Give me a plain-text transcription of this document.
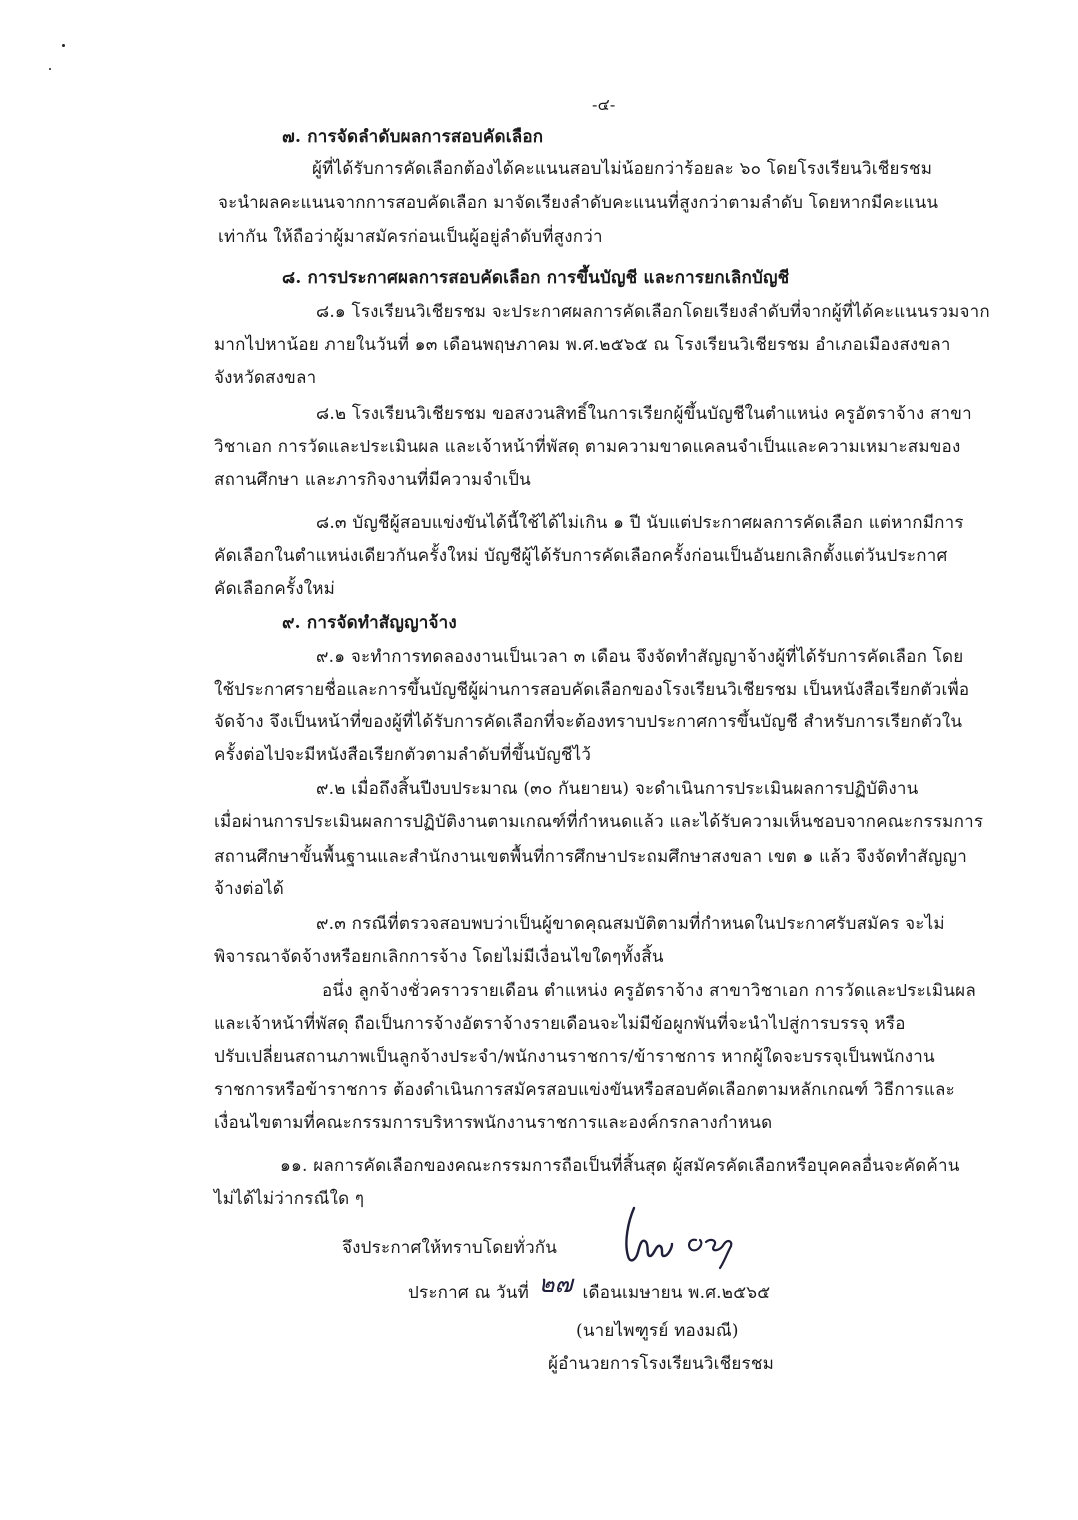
-๔-
๗. การจัดลำดับผลการสอบคัดเลือก
ผู้ที่ได้รับการคัดเลือกต้องได้คะแนนสอบไม่น้อยกว่าร้อยละ ๖๐ โดยโรงเรียนวิเชียรชม
จะนำผลคะแนนจากการสอบคัดเลือก มาจัดเรียงลำดับคะแนนที่สูงกว่าตามลำดับ โดยหากมีคะแนน
เท่ากัน ให้ถือว่าผู้มาสมัครก่อนเป็นผู้อยู่ลำดับที่สูงกว่า
๘. การประกาศผลการสอบคัดเลือก การขึ้นบัญชี และการยกเลิกบัญชี
๘.๑ โรงเรียนวิเชียรชม จะประกาศผลการคัดเลือกโดยเรียงลำดับที่จากผู้ที่ได้คะแนนรวมจาก
มากไปหาน้อย ภายในวันที่ ๑๓ เดือนพฤษภาคม พ.ศ.๒๕๖๕ ณ โรงเรียนวิเชียรชม อำเภอเมืองสงขลา
จังหวัดสงขลา
๘.๒ โรงเรียนวิเชียรชม ขอสงวนสิทธิ์ในการเรียกผู้ขึ้นบัญชีในตำแหน่ง ครูอัตราจ้าง สาขา
วิชาเอก การวัดและประเมินผล และเจ้าหน้าที่พัสดุ ตามความขาดแคลนจำเป็นและความเหมาะสมของ
สถานศึกษา และภารกิจงานที่มีความจำเป็น
๘.๓ บัญชีผู้สอบแข่งขันได้นี้ใช้ได้ไม่เกิน ๑ ปี นับแต่ประกาศผลการคัดเลือก แต่หากมีการ
คัดเลือกในตำแหน่งเดียวกันครั้งใหม่ บัญชีผู้ได้รับการคัดเลือกครั้งก่อนเป็นอันยกเลิกตั้งแต่วันประกาศ
คัดเลือกครั้งใหม่
๙. การจัดทำสัญญาจ้าง
๙.๑ จะทำการทดลองงานเป็นเวลา ๓ เดือน จึงจัดทำสัญญาจ้างผู้ที่ได้รับการคัดเลือก โดย
ใช้ประกาศรายชื่อและการขึ้นบัญชีผู้ผ่านการสอบคัดเลือกของโรงเรียนวิเชียรชม เป็นหนังสือเรียกตัวเพื่อ
จัดจ้าง จึงเป็นหน้าที่ของผู้ที่ได้รับการคัดเลือกที่จะต้องทราบประกาศการขึ้นบัญชี สำหรับการเรียกตัวใน
ครั้งต่อไปจะมีหนังสือเรียกตัวตามลำดับที่ขึ้นบัญชีไว้
๙.๒ เมื่อถึงสิ้นปีงบประมาณ (๓๐ กันยายน) จะดำเนินการประเมินผลการปฏิบัติงาน
เมื่อผ่านการประเมินผลการปฏิบัติงานตามเกณฑ์ที่กำหนดแล้ว และได้รับความเห็นชอบจากคณะกรรมการ
สถานศึกษาขั้นพื้นฐานและสำนักงานเขตพื้นที่การศึกษาประถมศึกษาสงขลา เขต ๑ แล้ว จึงจัดทำสัญญา
จ้างต่อได้
๙.๓ กรณีที่ตรวจสอบพบว่าเป็นผู้ขาดคุณสมบัติตามที่กำหนดในประกาศรับสมัคร จะไม่
พิจารณาจัดจ้างหรือยกเลิกการจ้าง โดยไม่มีเงื่อนไขใดๆทั้งสิ้น
อนึ่ง ลูกจ้างชั่วคราวรายเดือน ตำแหน่ง ครูอัตราจ้าง สาขาวิชาเอก การวัดและประเมินผล
และเจ้าหน้าที่พัสดุ ถือเป็นการจ้างอัตราจ้างรายเดือนจะไม่มีข้อผูกพันที่จะนำไปสู่การบรรจุ หรือ
ปรับเปลี่ยนสถานภาพเป็นลูกจ้างประจำ/พนักงานราชการ/ข้าราชการ หากผู้ใดจะบรรจุเป็นพนักงาน
ราชการหรือข้าราชการ ต้องดำเนินการสมัครสอบแข่งขันหรือสอบคัดเลือกตามหลักเกณฑ์ วิธีการและ
เงื่อนไขตามที่คณะกรรมการบริหารพนักงานราชการและองค์กรกลางกำหนด
๑๑. ผลการคัดเลือกของคณะกรรมการถือเป็นที่สิ้นสุด ผู้สมัครคัดเลือกหรือบุคคลอื่นจะคัดค้าน
ไม่ได้ไม่ว่ากรณีใด ๆ
จึงประกาศให้ทราบโดยทั่วกัน
ประกาศ ณ วันที่ ๒๗ เดือนเมษายน พ.ศ.๒๕๖๕
(นายไพฑูรย์ ทองมณี)
ผู้อำนวยการโรงเรียนวิเชียรชม
